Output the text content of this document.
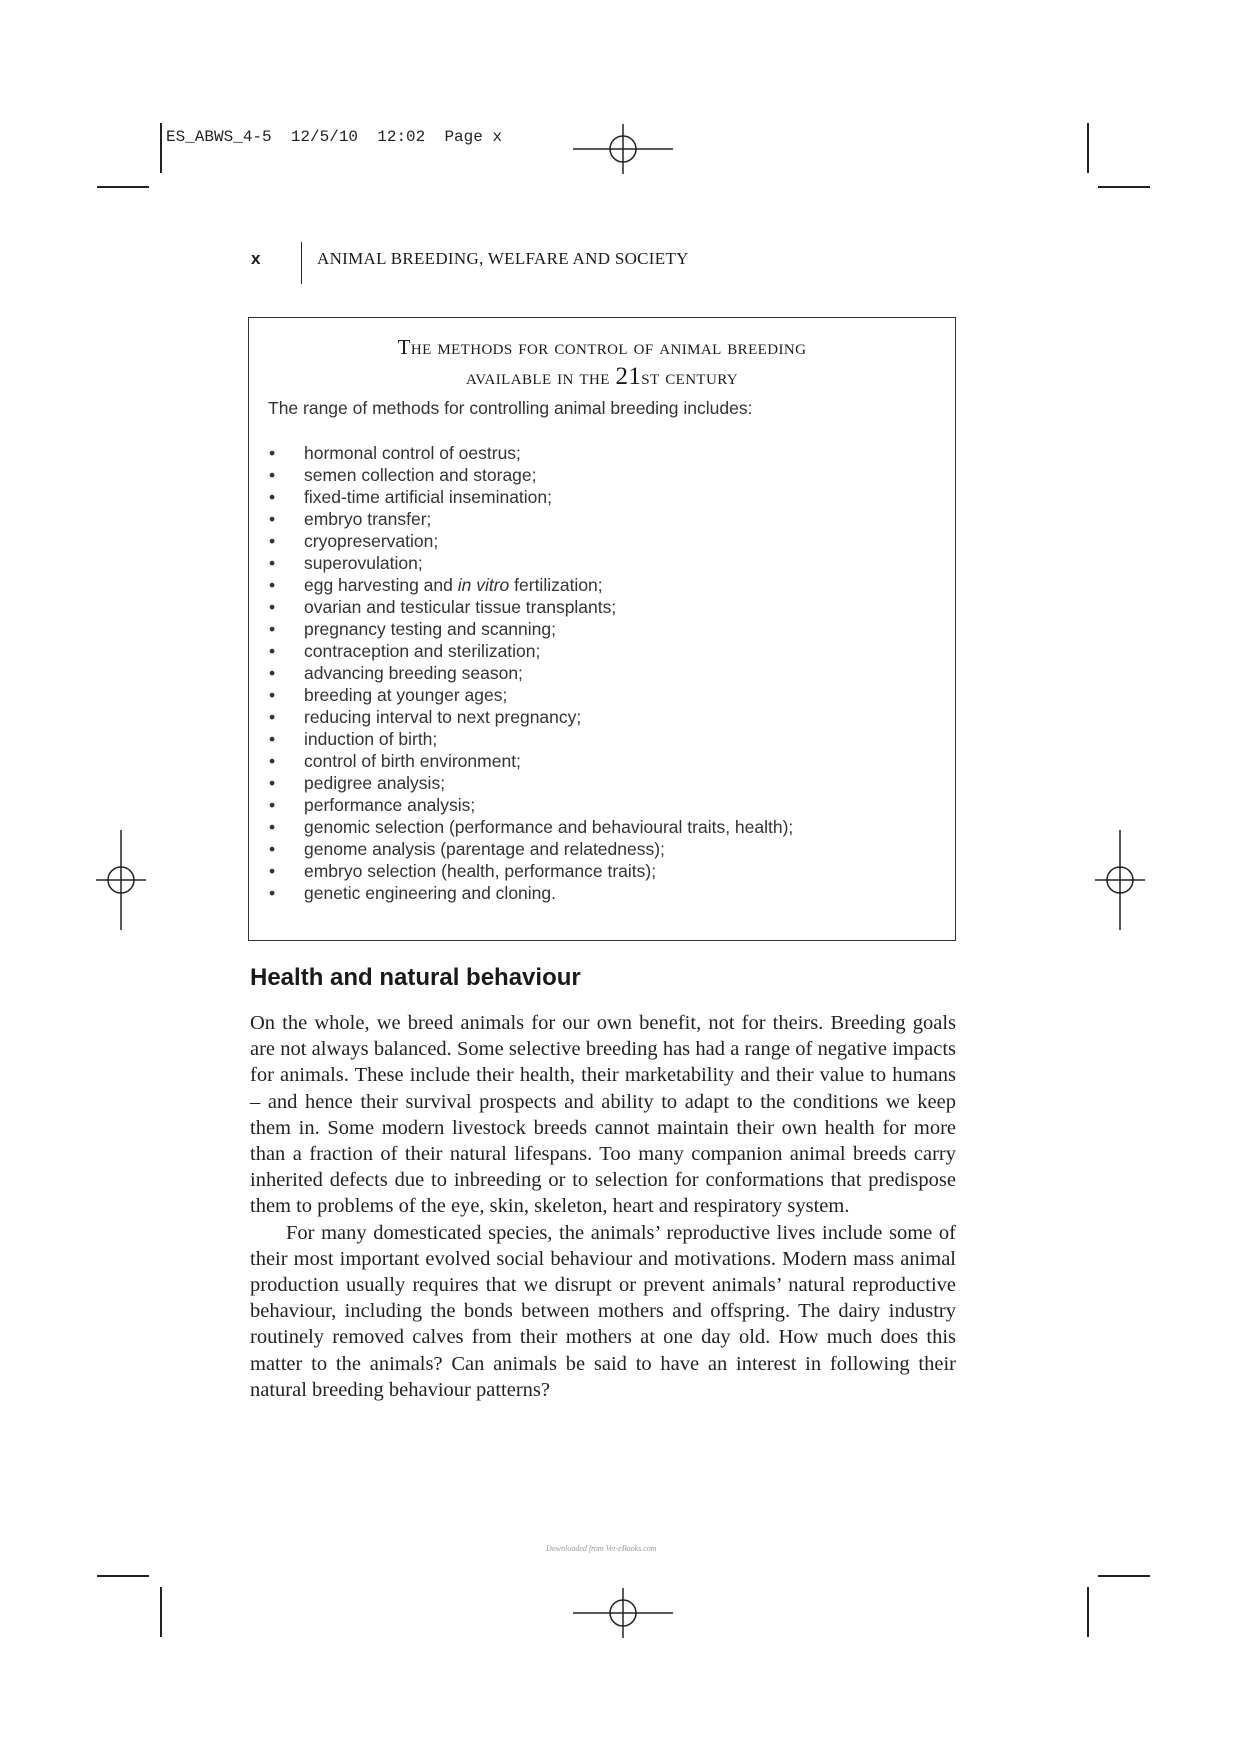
ES_ABWS_4-5  12/5/10  12:02  Page x
x	ANIMAL BREEDING, WELFARE AND SOCIETY
The methods for control of animal breeding
available in the 21st century
The range of methods for controlling animal breeding includes:
• hormonal control of oestrus;
• semen collection and storage;
• fixed-time artificial insemination;
• embryo transfer;
• cryopreservation;
• superovulation;
• egg harvesting and in vitro fertilization;
• ovarian and testicular tissue transplants;
• pregnancy testing and scanning;
• contraception and sterilization;
• advancing breeding season;
• breeding at younger ages;
• reducing interval to next pregnancy;
• induction of birth;
• control of birth environment;
• pedigree analysis;
• performance analysis;
• genomic selection (performance and behavioural traits, health);
• genome analysis (parentage and relatedness);
• embryo selection (health, performance traits);
• genetic engineering and cloning.
Health and natural behaviour

On the whole, we breed animals for our own benefit, not for theirs. Breeding goals are not always balanced. Some selective breeding has had a range of negative impacts for animals. These include their health, their marketability and their value to humans – and hence their survival prospects and ability to adapt to the conditions we keep them in. Some modern livestock breeds cannot maintain their own health for more than a fraction of their natural lifespans. Too many companion animal breeds carry inherited defects due to inbreeding or to selection for conformations that predispose them to problems of the eye, skin, skeleton, heart and respiratory system.

For many domesticated species, the animals’ reproductive lives include some of their most important evolved social behaviour and motivations. Modern mass animal production usually requires that we disrupt or prevent animals’ natural reproductive behaviour, including the bonds between mothers and offspring. The dairy industry routinely removed calves from their mothers at one day old. How much does this matter to the animals? Can animals be said to have an interest in following their natural breeding behaviour patterns?

Downloaded from Vet-eBooks.com
